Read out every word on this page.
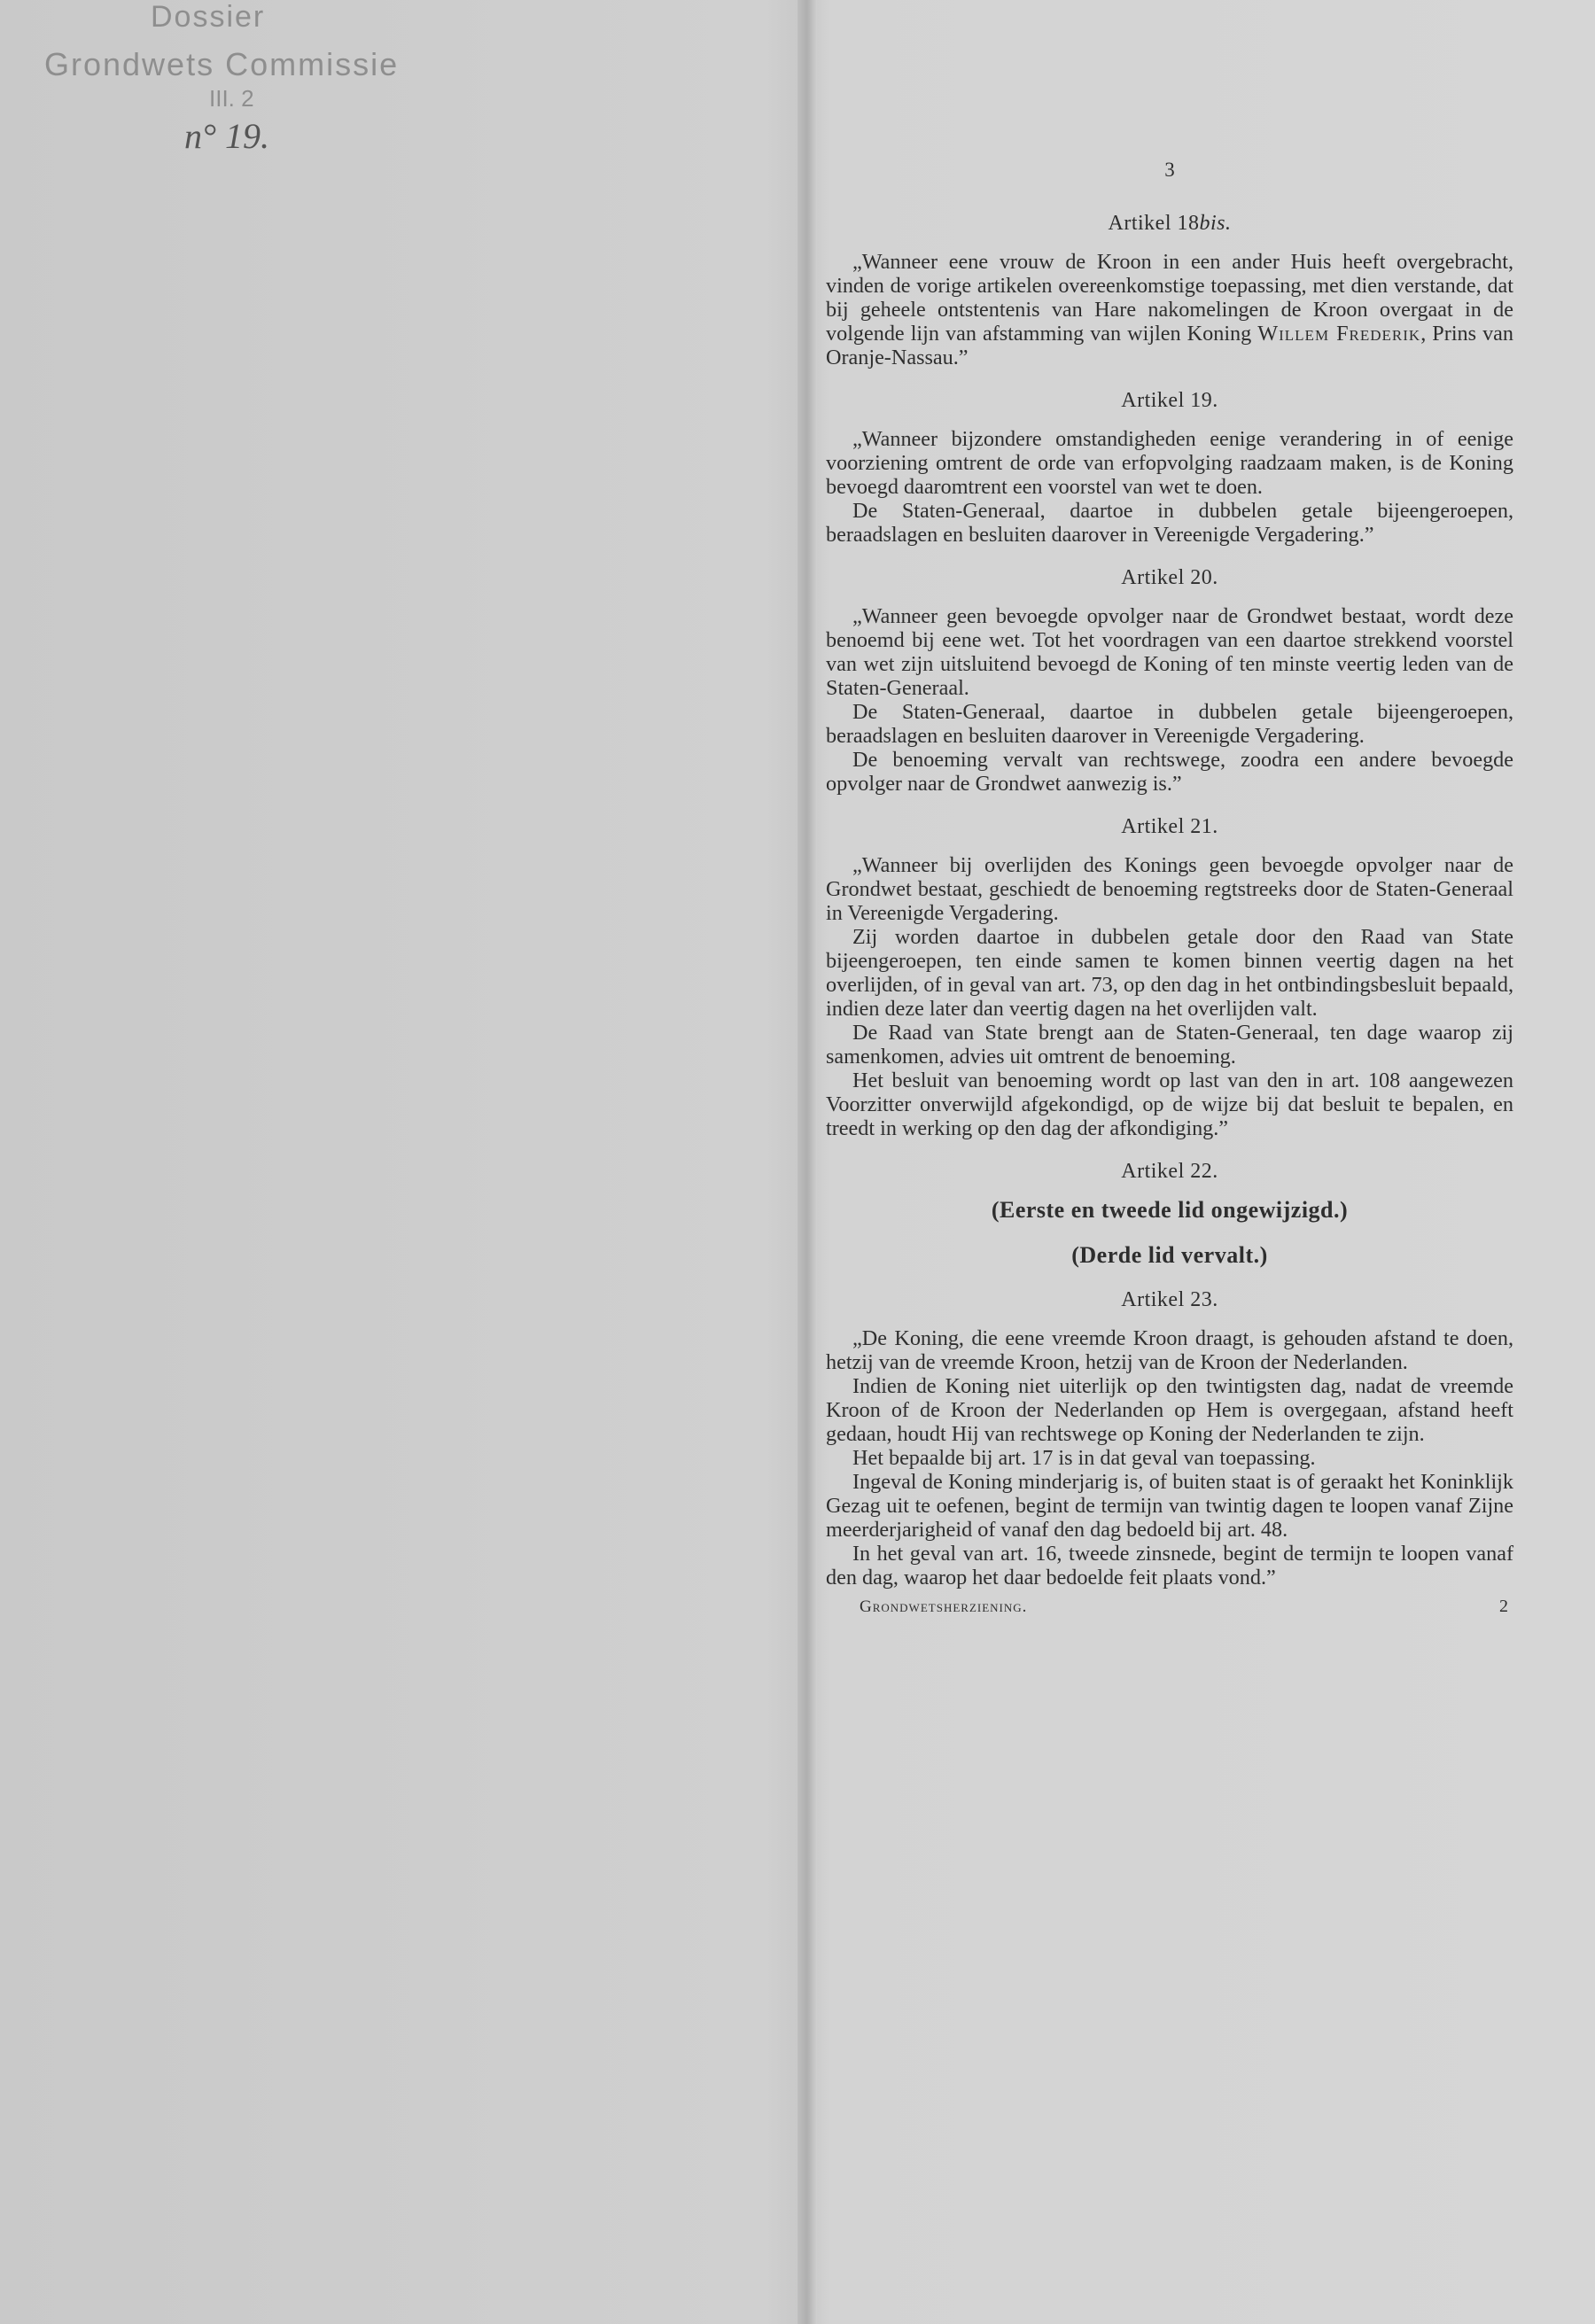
Dossier
Grondwets Commissie
III. 2
n° 19.
3
Artikel 18bis.

„Wanneer eene vrouw de Kroon in een ander Huis heeft overgebracht, vinden de vorige artikelen overeenkomstige toepassing, met dien verstande, dat bij geheele ontstentenis van Hare nakomelingen de Kroon overgaat in de volgende lijn van afstamming van wijlen Koning Willem Frederik, Prins van Oranje-Nassau.”

Artikel 19.

„Wanneer bijzondere omstandigheden eenige verandering in of eenige voorziening omtrent de orde van erfopvolging raadzaam maken, is de Koning bevoegd daaromtrent een voorstel van wet te doen.

De Staten-Generaal, daartoe in dubbelen getale bijeengeroepen, beraadslagen en besluiten daarover in Vereenigde Vergadering.”

Artikel 20.

„Wanneer geen bevoegde opvolger naar de Grondwet bestaat, wordt deze benoemd bij eene wet. Tot het voordragen van een daartoe strekkend voorstel van wet zijn uitsluitend bevoegd de Koning of ten minste veertig leden van de Staten-Generaal.

De Staten-Generaal, daartoe in dubbelen getale bijeengeroepen, beraadslagen en besluiten daarover in Vereenigde Vergadering.

De benoeming vervalt van rechtswege, zoodra een andere bevoegde opvolger naar de Grondwet aanwezig is.”

Artikel 21.

„Wanneer bij overlijden des Konings geen bevoegde opvolger naar de Grondwet bestaat, geschiedt de benoeming regtstreeks door de Staten-Generaal in Vereenigde Vergadering.

Zij worden daartoe in dubbelen getale door den Raad van State bijeengeroepen, ten einde samen te komen binnen veertig dagen na het overlijden, of in geval van art. 73, op den dag in het ontbindingsbesluit bepaald, indien deze later dan veertig dagen na het overlijden valt.

De Raad van State brengt aan de Staten-Generaal, ten dage waarop zij samenkomen, advies uit omtrent de benoeming.

Het besluit van benoeming wordt op last van den in art. 108 aangewezen Voorzitter onverwijld afgekondigd, op de wijze bij dat besluit te bepalen, en treedt in werking op den dag der afkondiging.”

Artikel 22.
(Eerste en tweede lid ongewijzigd.)
(Derde lid vervalt.)
Artikel 23.

„De Koning, die eene vreemde Kroon draagt, is gehouden afstand te doen, hetzij van de vreemde Kroon, hetzij van de Kroon der Nederlanden.

Indien de Koning niet uiterlijk op den twintigsten dag, nadat de vreemde Kroon of de Kroon der Nederlanden op Hem is overgegaan, afstand heeft gedaan, houdt Hij van rechtswege op Koning der Nederlanden te zijn.

Het bepaalde bij art. 17 is in dat geval van toepassing.

Ingeval de Koning minderjarig is, of buiten staat is of geraakt het Koninklijk Gezag uit te oefenen, begint de termijn van twintig dagen te loopen vanaf Zijne meerderjarigheid of vanaf den dag bedoeld bij art. 48.

In het geval van art. 16, tweede zinsnede, begint de termijn te loopen vanaf den dag, waarop het daar bedoelde feit plaats vond.”

Grondwetsherziening.	2
